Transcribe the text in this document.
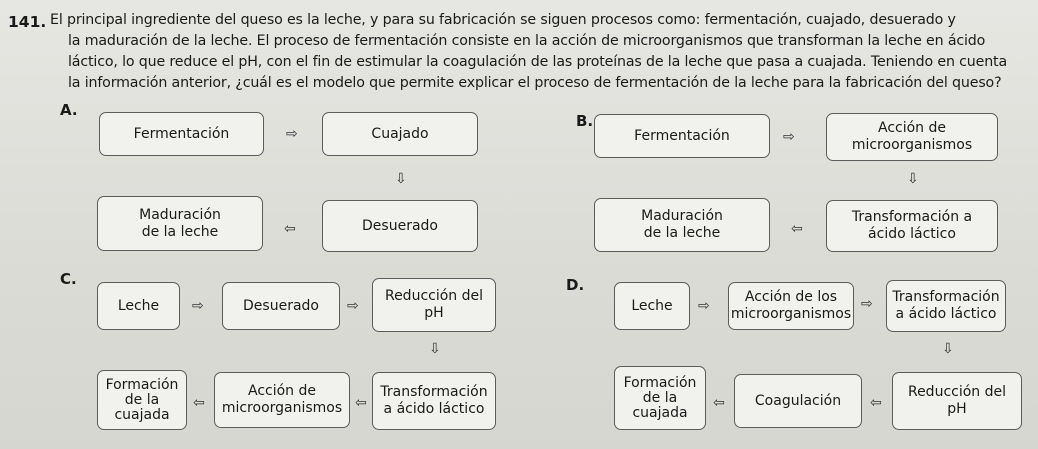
141. El principal ingrediente del queso es la leche, y para su fabricación se siguen procesos como: fermentación, cuajado, desuerado y
la maduración de la leche. El proceso de fermentación consiste en la acción de microorganismos que transforman la leche en ácido
láctico, lo que reduce el pH, con el fin de estimular la coagulación de las proteínas de la leche que pasa a cuajada. Teniendo en cuenta
la información anterior, ¿cuál es el modelo que permite explicar el proceso de fermentación de la leche para la fabricación del queso?
A.
Fermentación	⇨	Cuajado
⇩
Maduración
de la leche	⇦	Desuerado
B.
Fermentación	⇨
Acción de
microorganismos
⇩
Maduración
de la leche	⇦
Transformación a
ácido láctico
C.
Leche	⇨	Desuerado	⇨
Reducción del
pH
⇩
Formación
de la
cuajada
⇦
Acción de
microorganismos ⇦
Transformación
a ácido láctico
D.
Leche	⇨
Acción de los
microorganismos
⇨	Transformación
a ácido láctico
⇩
Formación
de la
cuajada
⇦	Coagulación	⇦
Reducción del
pH
